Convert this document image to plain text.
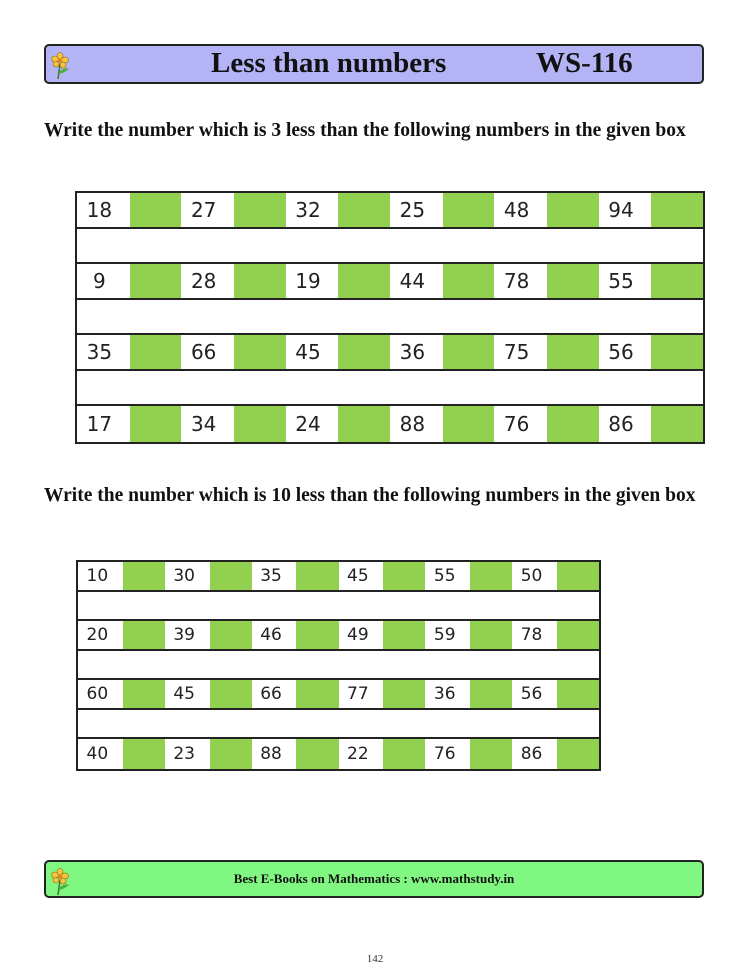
Less than numbers	WS-116
Write the number which is 3 less than the following numbers in the given box
18	27	32	25	48	94
9	28	19	44	78	55
35	66	45	36	75	56
17	34	24	88	76	86
Write the number which is 10 less than the following numbers in the given box
10	30	35	45	55	50
20	39	46	49	59	78
60	45	66	77	36	56
40	23	88	22	76	86
Best E-Books on Mathematics : www.mathstudy.in
142
